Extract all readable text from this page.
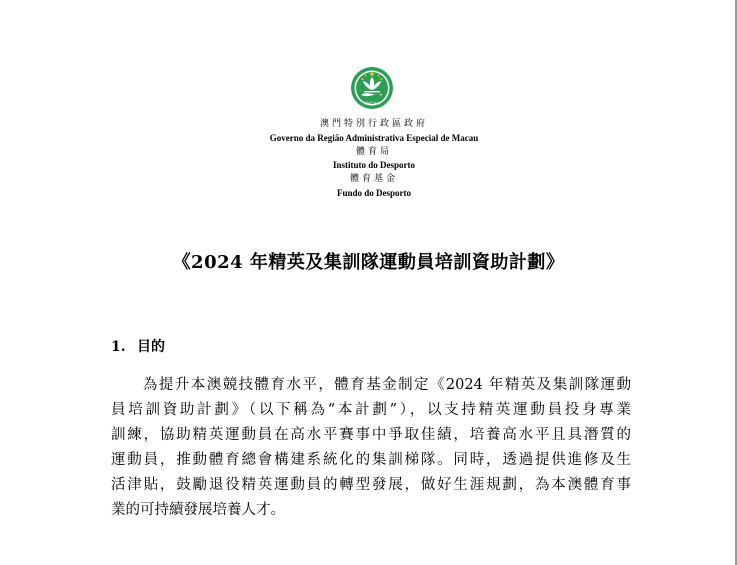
MACAU
澳門特別行政區政府
Governo da Região Administrativa Especial de Macau
體育局
Instituto do Desporto
體育基金
Fundo do Desporto
《2024 年精英及集訓隊運動員培訓資助計劃》
1. 目的

　　為提升本澳競技體育水平，體育基金制定《2024 年精英及集訓隊運動
員培訓資助計劃》（以下稱為“本計劃”），以支持精英運動員投身專業
訓練，協助精英運動員在高水平賽事中爭取佳績，培養高水平且具潛質的
運動員，推動體育總會構建系統化的集訓梯隊。同時，透過提供進修及生
活津貼，鼓勵退役精英運動員的轉型發展，做好生涯規劃，為本澳體育事
業的可持續發展培養人才。
